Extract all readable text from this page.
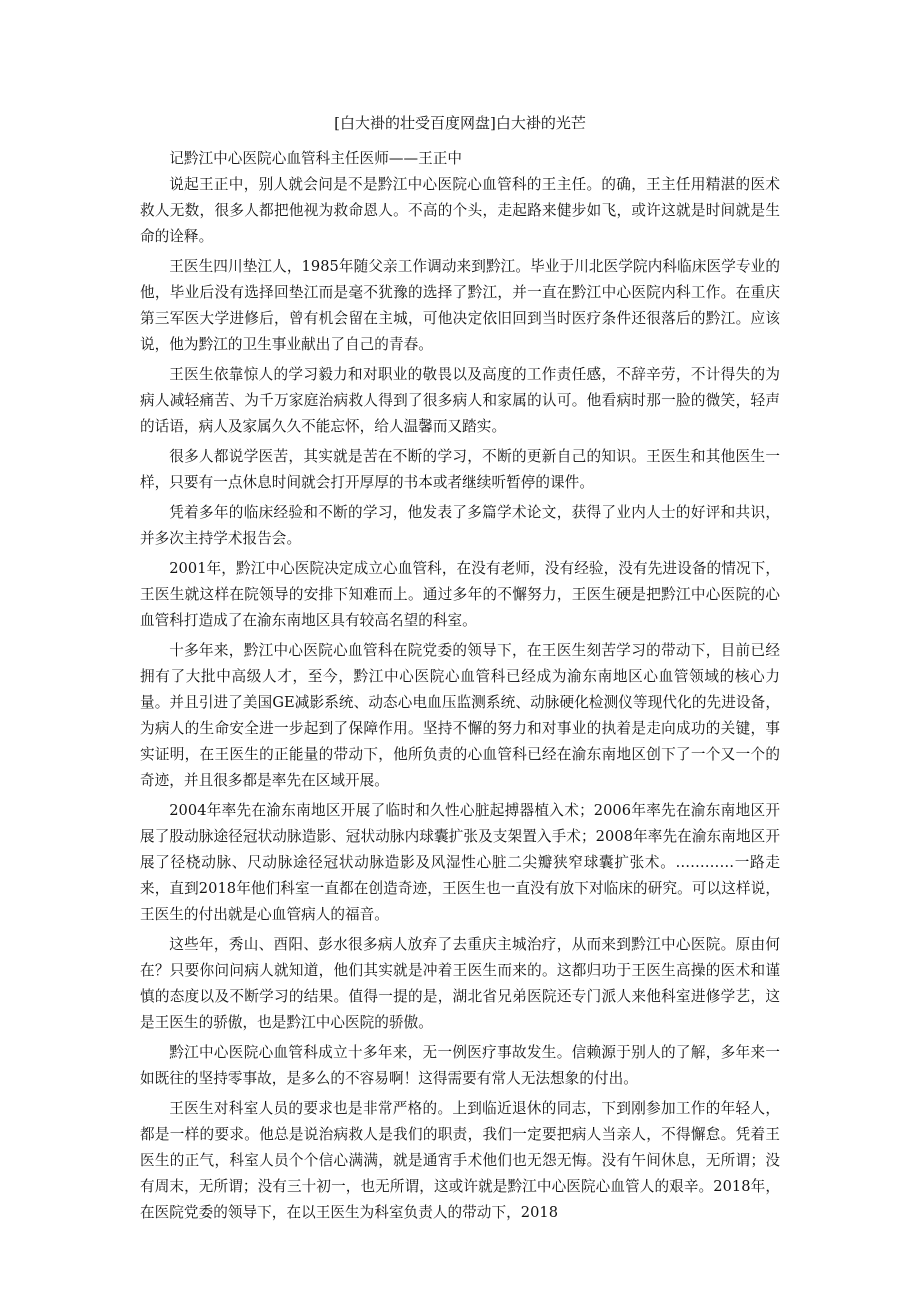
[白大褂的壮受百度网盘]白大褂的光芒

记黔江中心医院心血管科主任医师——王正中

说起王正中，别人就会问是不是黔江中心医院心血管科的王主任。的确，王主任用精湛的医术救人无数，很多人都把他视为救命恩人。不高的个头，走起路来健步如飞，或许这就是时间就是生命的诠释。

王医生四川垫江人，1985年随父亲工作调动来到黔江。毕业于川北医学院内科临床医学专业的他，毕业后没有选择回垫江而是毫不犹豫的选择了黔江，并一直在黔江中心医院内科工作。在重庆第三军医大学进修后，曾有机会留在主城，可他决定依旧回到当时医疗条件还很落后的黔江。应该说，他为黔江的卫生事业献出了自己的青春。

王医生依靠惊人的学习毅力和对职业的敬畏以及高度的工作责任感，不辞辛劳，不计得失的为病人减轻痛苦、为千万家庭治病救人得到了很多病人和家属的认可。他看病时那一脸的微笑，轻声的话语，病人及家属久久不能忘怀，给人温馨而又踏实。

很多人都说学医苦，其实就是苦在不断的学习，不断的更新自己的知识。王医生和其他医生一样，只要有一点休息时间就会打开厚厚的书本或者继续听暂停的课件。

凭着多年的临床经验和不断的学习，他发表了多篇学术论文，获得了业内人士的好评和共识，并多次主持学术报告会。

2001年，黔江中心医院决定成立心血管科，在没有老师，没有经验，没有先进设备的情况下，王医生就这样在院领导的安排下知难而上。通过多年的不懈努力，王医生硬是把黔江中心医院的心血管科打造成了在渝东南地区具有较高名望的科室。

十多年来，黔江中心医院心血管科在院党委的领导下，在王医生刻苦学习的带动下，目前已经拥有了大批中高级人才，至今，黔江中心医院心血管科已经成为渝东南地区心血管领域的核心力量。并且引进了美国GE减影系统、动态心电血压监测系统、动脉硬化检测仪等现代化的先进设备，为病人的生命安全进一步起到了保障作用。坚持不懈的努力和对事业的执着是走向成功的关键，事实证明，在王医生的正能量的带动下，他所负责的心血管科已经在渝东南地区创下了一个又一个的奇迹，并且很多都是率先在区域开展。

2004年率先在渝东南地区开展了临时和久性心脏起搏器植入术；2006年率先在渝东南地区开展了股动脉途径冠状动脉造影、冠状动脉内球囊扩张及支架置入手术；2008年率先在渝东南地区开展了径桡动脉、尺动脉途径冠状动脉造影及风湿性心脏二尖瓣狭窄球囊扩张术。…………一路走来，直到2018年他们科室一直都在创造奇迹，王医生也一直没有放下对临床的研究。可以这样说，王医生的付出就是心血管病人的福音。

这些年，秀山、酉阳、彭水很多病人放弃了去重庆主城治疗，从而来到黔江中心医院。原由何在？只要你问问病人就知道，他们其实就是冲着王医生而来的。这都归功于王医生高操的医术和谨慎的态度以及不断学习的结果。值得一提的是，湖北省兄弟医院还专门派人来他科室进修学艺，这是王医生的骄傲，也是黔江中心医院的骄傲。

黔江中心医院心血管科成立十多年来，无一例医疗事故发生。信赖源于别人的了解，多年来一如既往的坚持零事故，是多么的不容易啊！这得需要有常人无法想象的付出。

王医生对科室人员的要求也是非常严格的。上到临近退休的同志，下到刚参加工作的年轻人，都是一样的要求。他总是说治病救人是我们的职责，我们一定要把病人当亲人，不得懈怠。凭着王医生的正气，科室人员个个信心满满，就是通宵手术他们也无怨无悔。没有午间休息，无所谓；没有周末，无所谓；没有三十初一，也无所谓，这或许就是黔江中心医院心血管人的艰辛。2018年，在医院党委的领导下，在以王医生为科室负责人的带动下，2018
